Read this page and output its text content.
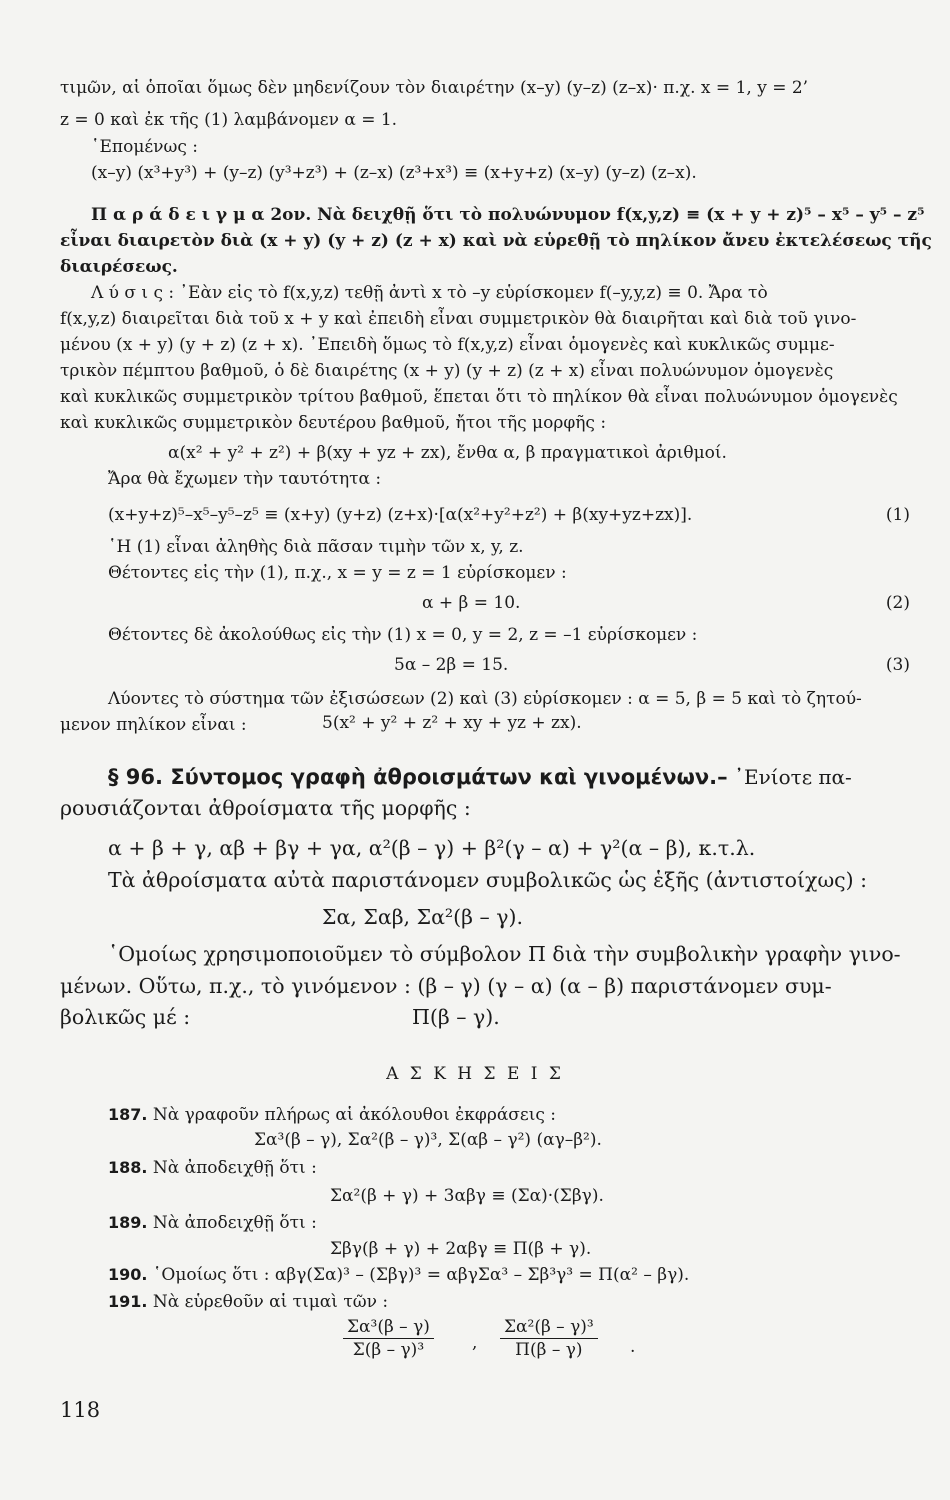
τιμῶν, αἱ ὁποῖαι ὅμως δὲν μηδενίζουν τὸν διαιρέτην (x–y) (y–z) (z–x)· π.χ. x = 1, y = 2’
z = 0 καὶ ἐκ τῆς (1) λαμβάνομεν α = 1.
῾Επομένως :
(x–y) (x³+y³) + (y–z) (y³+z³) + (z–x) (z³+x³) ≡ (x+y+z) (x–y) (y–z) (z–x).
Π α ρ ά δ ε ι γ μ α 2ον. Νὰ δειχθῇ ὅτι τὸ πολυώνυμον f(x,y,z) ≡ (x + y + z)⁵ – x⁵ – y⁵ – z⁵
εἶναι διαιρετὸν διὰ (x + y) (y + z) (z + x) καὶ νὰ εὑρεθῇ τὸ πηλίκον ἄνευ ἐκτελέσεως τῆς
διαιρέσεως.
Λ ύ σ ι ς : ᾿Εὰν εἰς τὸ f(x,y,z) τεθῇ ἀντὶ x τὸ –y εὑρίσκομεν f(–y,y,z) ≡ 0. Ἄρα τὸ
f(x,y,z) διαιρεῖται διὰ τοῦ x + y καὶ ἐπειδὴ εἶναι συμμετρικὸν θὰ διαιρῆται καὶ διὰ τοῦ γινο-
μένου (x + y) (y + z) (z + x). ᾿Επειδὴ ὅμως τὸ f(x,y,z) εἶναι ὁμογενὲς καὶ κυκλικῶς συμμε-
τρικὸν πέμπτου βαθμοῦ, ὁ δὲ διαιρέτης (x + y) (y + z) (z + x) εἶναι πολυώνυμον ὁμογενὲς
καὶ κυκλικῶς συμμετρικὸν τρίτου βαθμοῦ, ἕπεται ὅτι τὸ πηλίκον θὰ εἶναι πολυώνυμον ὁμογενὲς
καὶ κυκλικῶς συμμετρικὸν δευτέρου βαθμοῦ, ἤτοι τῆς μορφῆς :
α(x² + y² + z²) + β(xy + yz + zx), ἔνθα α, β πραγματικοὶ ἀριθμοί.
Ἄρα θὰ ἔχωμεν τὴν ταυτότητα :
(x+y+z)⁵–x⁵–y⁵–z⁵ ≡ (x+y) (y+z) (z+x)·[α(x²+y²+z²) + β(xy+yz+zx)].	(1)
῾Η (1) εἶναι ἀληθὴς διὰ πᾶσαν τιμὴν τῶν x, y, z.
Θέτοντες εἰς τὴν (1), π.χ., x = y = z = 1 εὑρίσκομεν :
α + β = 10.	(2)
Θέτοντες δὲ ἀκολούθως εἰς τὴν (1) x = 0, y = 2, z = –1 εὑρίσκομεν :
5α – 2β = 15.	(3)
Λύοντες τὸ σύστημα τῶν ἐξισώσεων (2) καὶ (3) εὑρίσκομεν : α = 5, β = 5 καὶ τὸ ζητού-
μενον πηλίκον εἶναι :	5(x² + y² + z² + xy + yz + zx).
§ 96. Σύντομος γραφὴ ἀθροισμάτων καὶ γινομένων.– ᾿Ενίοτε πα-
ρουσιάζονται ἀθροίσματα τῆς μορφῆς :
α + β + γ, αβ + βγ + γα, α²(β – γ) + β²(γ – α) + γ²(α – β), κ.τ.λ.
Τὰ ἀθροίσματα αὐτὰ παριστάνομεν συμβολικῶς ὡς ἑξῆς (ἀντιστοίχως) :
Σα, Σαβ, Σα²(β – γ).
῾Ομοίως χρησιμοποιοῦμεν τὸ σύμβολον Π διὰ τὴν συμβολικὴν γραφὴν γινο-
μένων. Οὕτω, π.χ., τὸ γινόμενον : (β – γ) (γ – α) (α – β) παριστάνομεν συμ-
βολικῶς μέ :	Π(β – γ).
Α Σ Κ Η Σ Ε Ι Σ
187. Νὰ γραφοῦν πλήρως αἱ ἀκόλουθοι ἐκφράσεις :
Σα³(β – γ), Σα²(β – γ)³, Σ(αβ – γ²) (αγ–β²).
188. Νὰ ἀποδειχθῇ ὅτι :
Σα²(β + γ) + 3αβγ ≡ (Σα)·(Σβγ).
189. Νὰ ἀποδειχθῇ ὅτι :
Σβγ(β + γ) + 2αβγ ≡ Π(β + γ).
190. ῾Ομοίως ὅτι : αβγ(Σα)³ – (Σβγ)³ = αβγΣα³ – Σβ³γ³ = Π(α² – βγ).
191. Νὰ εὑρεθοῦν αἱ τιμαὶ τῶν :
$\frac{\text{Σα³(β – γ)}}{\text{Σ(β – γ)³}}$ , $\frac{\text{Σα²(β – γ)³}}{\Pi(\beta - \gamma)}$ .
118
